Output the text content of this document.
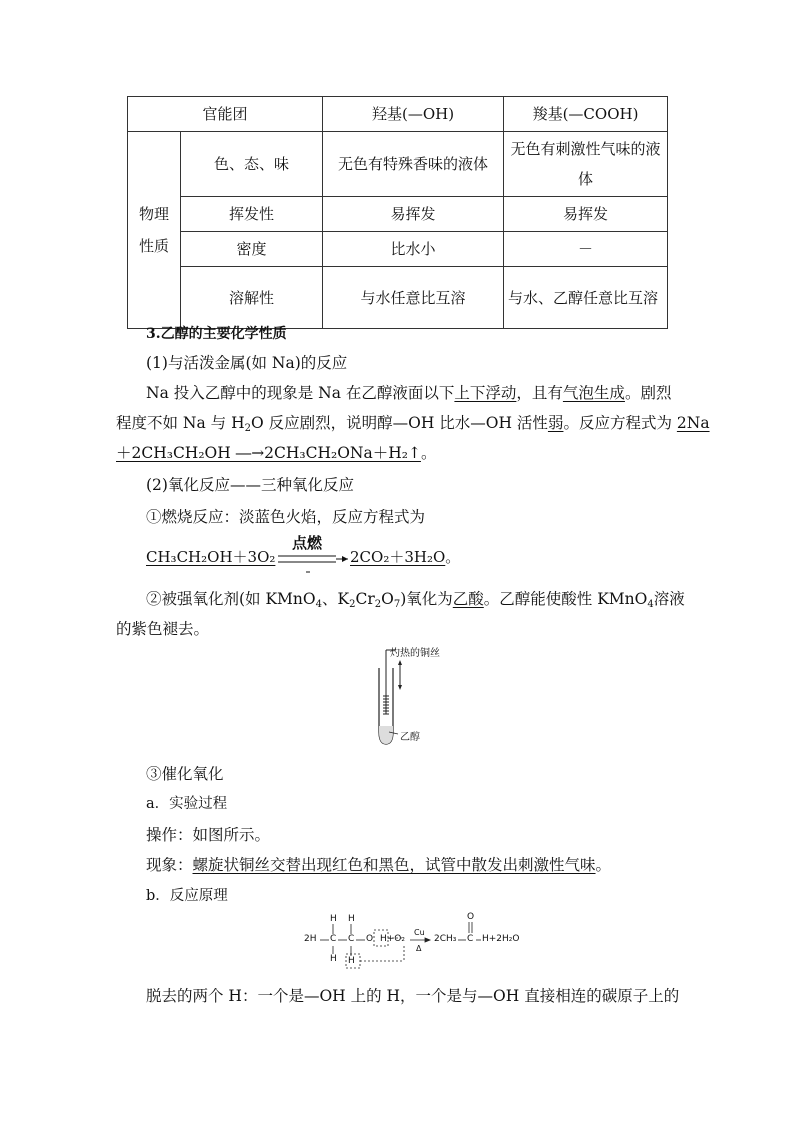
官能团		羟基(—OH)	羧基(—COOH)
物理性质	色、态、味	无色有特殊香味的液体	无色有刺激性气味的液体
	挥发性	易挥发	易挥发
	密度	比水小	－
	溶解性	与水任意比互溶	与水、乙醇任意比互溶
3.乙醇的主要化学性质
(1)与活泼金属(如 Na)的反应
Na 投入乙醇中的现象是 Na 在乙醇液面以下上下浮动，且有气泡生成。剧烈
程度不如 Na 与 $H_2O$ 反应剧烈，说明醇—OH 比水—OH 活性弱。反应方程式为 2Na
＋2CH₃CH₂OH ―→2CH₃CH₂ONa＋H₂↑。
(2)氧化反应——三种氧化反应
①燃烧反应：淡蓝色火焰，反应方程式为
CH₃CH₂OH＋3O₂
点燃
2CO₂＋3H₂O。
②被强氧化剂(如 KMnO$_4$、$K_2Cr_2O_7$)氧化为乙酸。乙醇能使酸性 KMnO$_4$溶液
的紫色褪去。
灼热的铜丝
乙醇
③催化氧化
a．实验过程
操作：如图所示。
现象：螺旋状铜丝交替出现红色和黑色，试管中散发出刺激性气味。
b．反应原理
2H
H H
C C O
H H
H+O₂
Cu
Δ
2CH₃ C
O
H+2H₂O
脱去的两个 H：一个是—OH 上的 H，一个是与—OH 直接相连的碳原子上的
